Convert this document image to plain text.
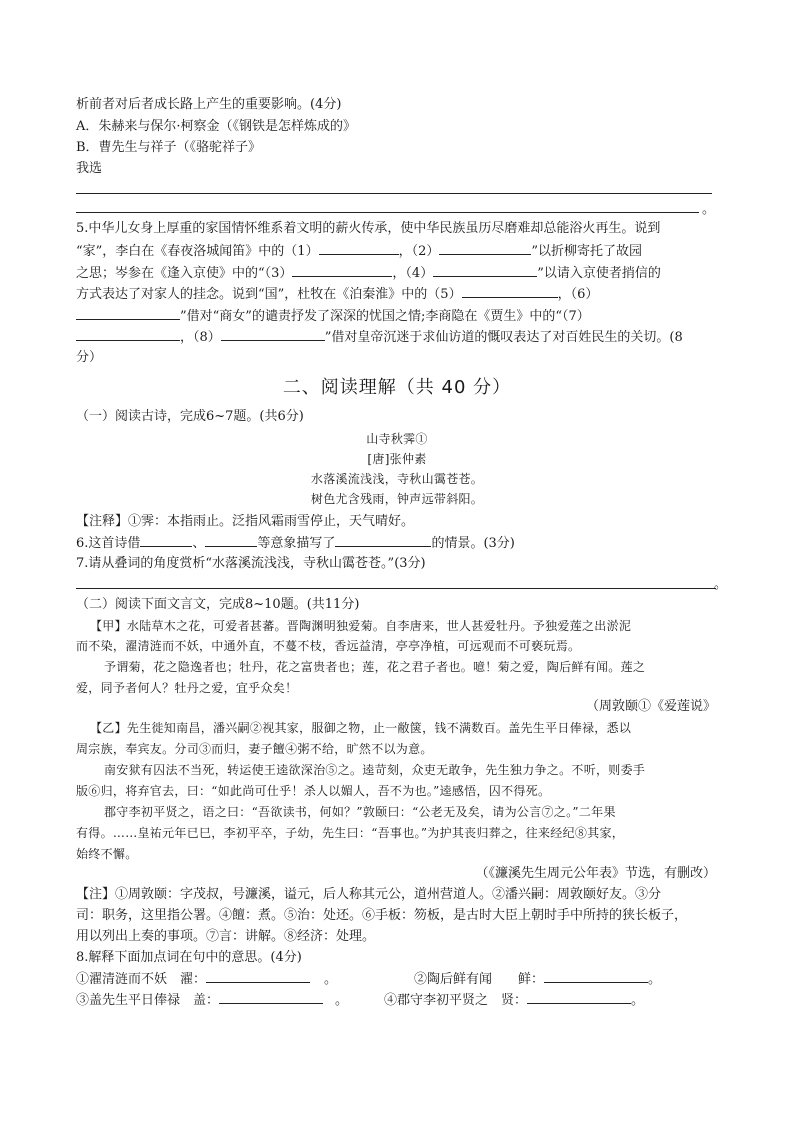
析前者对后者成长路上产生的重要影响。(4分)
A．朱赫来与保尔·柯察金（《钢铁是怎样炼成的》
B．曹先生与祥子（《骆驼祥子》
我选
。
5.中华儿女身上厚重的家国情怀维系着文明的薪火传承，使中华民族虽历尽磨难却总能浴火再生。说到
“家”，李白在《春夜洛城闻笛》中的（1）	，（2）	”以折柳寄托了故园
之思；岑参在《逢入京使》中的“（3）	，（4）	”以请入京使者捎信的
方式表达了对家人的挂念。说到“国”，杜牧在《泊秦淮》中的（5）	，（6）
”借对“商女”的谴责抒发了深深的忧国之情;李商隐在《贾生》中的“（7）
，（8）	”借对皇帝沉迷于求仙访道的慨叹表达了对百姓民生的关切。(8
分）
二、阅读理解（共 40 分）
（一）阅读古诗，完成6~7题。(共6分)
山寺秋霁①
[唐]张仲素
水落溪流浅浅，寺秋山霭苍苍。
树色尤含残雨，钟声远带斜阳。
【注释】①霁：本指雨止。泛指风霜雨雪停止，天气晴好。
6.这首诗借	、	等意象描写了	的情景。(3分)
7.请从叠词的角度赏析“水落溪流浅浅，寺秋山霭苍苍。”(3分)
。
（二）阅读下面文言文，完成8~10题。(共11分)
【甲】水陆草木之花，可爱者甚蕃。晋陶渊明独爱菊。自李唐来，世人甚爱牡丹。予独爱莲之出淤泥
而不染，濯清涟而不妖，中通外直，不蔓不枝，香远益清，亭亭净植，可远观而不可亵玩焉。
予谓菊，花之隐逸者也；牡丹，花之富贵者也；莲，花之君子者也。噫！菊之爱，陶后鲜有闻。莲之
爱，同予者何人？牡丹之爱，宜乎众矣！
（周敦颐①《爱莲说》
【乙】先生徙知南昌，潘兴嗣②视其家，服御之物，止一敝箧，钱不满数百。盖先生平日俸禄，悉以
周宗族，奉宾友。分司③而归，妻子饘④粥不给，旷然不以为意。
南安狱有囚法不当死，转运使王逵欲深治⑤之。逵苛刻，众吏无敢争，先生独力争之。不听，则委手
版⑥归，将弃官去，曰：“如此尚可仕乎！杀人以媚人，吾不为也。”逵感悟，囚不得死。
郡守李初平贤之，语之曰：“吾欲读书，何如？”敦颐曰：“公老无及矣，请为公言⑦之。”二年果
有得。……皇祐元年已巳，李初平卒，子幼，先生曰：“吾事也。”为护其丧归葬之，往来经纪⑧其家，
始终不懈。
（《濂溪先生周元公年表》节选，有删改）
【注】①周敦颐：字茂叔，号濂溪，谥元，后人称其元公，道州营道人。②潘兴嗣：周敦颐好友。③分
司：职务，这里指公署。④饘：煮。⑤治：处还。⑥手板：笏板，是古时大臣上朝时手中所持的狭长板子，
用以列出上奏的事项。⑦言：讲解。⑧经济：处理。
8.解释下面加点词在句中的意思。(4分)
①濯清涟而不妖　濯：	。	②陶后鲜有闻　　鲜：	。
③盖先生平日俸禄　盖：	。	④郡守李初平贤之　贤：	。
